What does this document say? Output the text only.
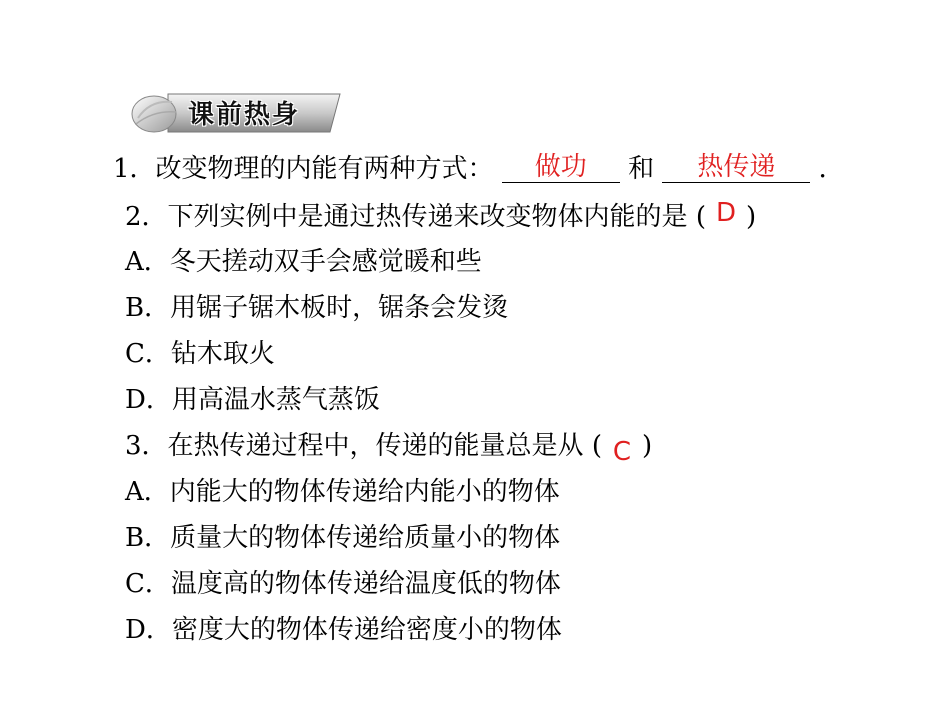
课前热身
1．改变物理的内能有两种方式： 做功 和 热传递 ．
2．下列实例中是通过热传递来改变物体内能的是 ( D )
A．冬天搓动双手会感觉暖和些
B．用锯子锯木板时，锯条会发烫
C．钻木取火
D．用高温水蒸气蒸饭
3．在热传递过程中，传递的能量总是从 ( C )
A．内能大的物体传递给内能小的物体
B．质量大的物体传递给质量小的物体
C．温度高的物体传递给温度低的物体
D．密度大的物体传递给密度小的物体
